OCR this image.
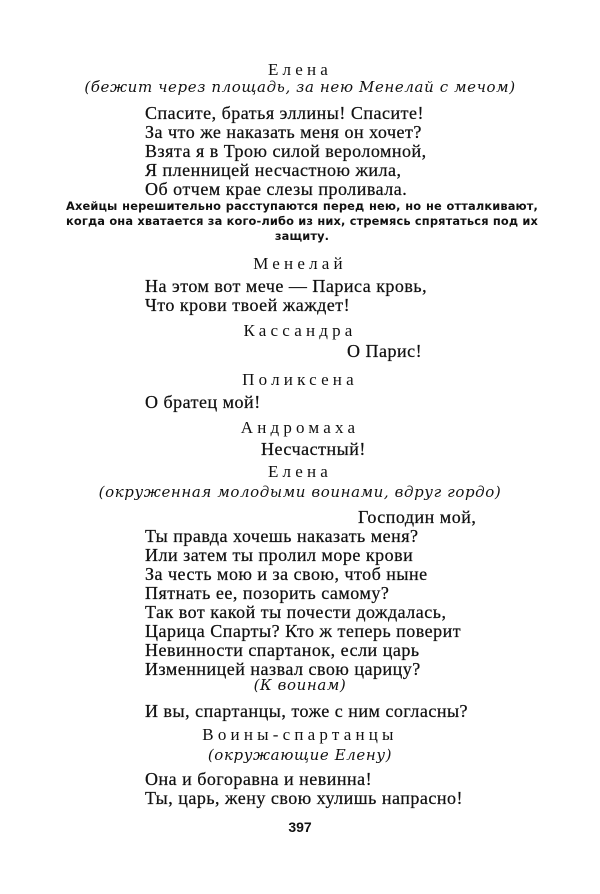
Елена
(бежит через площадь, за нею Менелай с мечом)
Спасите, братья эллины! Спасите!
За что же наказать меня он хочет?
Взята я в Трою силой вероломной,
Я пленницей несчастною жила,
Об отчем крае слезы проливала.
Ахейцы нерешительно расступаются перед нею, но не отталкивают, когда она хватается за кого-либо из них, стремясь спрятаться под их защиту.
Менелай
На этом вот мече — Париса кровь,
Что крови твоей жаждет!
Кассандра
О Парис!
Поликсена
О братец мой!
Андромаха
Несчастный!
Елена
(окруженная молодыми воинами, вдруг гордо)
Господин мой,
Ты правда хочешь наказать меня?
Или затем ты пролил море крови
За честь мою и за свою, чтоб ныне
Пятнать ее, позорить самому?
Так вот какой ты почести дождалась,
Царица Спарты? Кто ж теперь поверит
Невинности спартанок, если царь
Изменницей назвал свою царицу?
(К воинам)
И вы, спартанцы, тоже с ним согласны?
Воины-спартанцы
(окружающие Елену)
Она и богоравна и невинна!
Ты, царь, жену свою хулишь напрасно!
397
